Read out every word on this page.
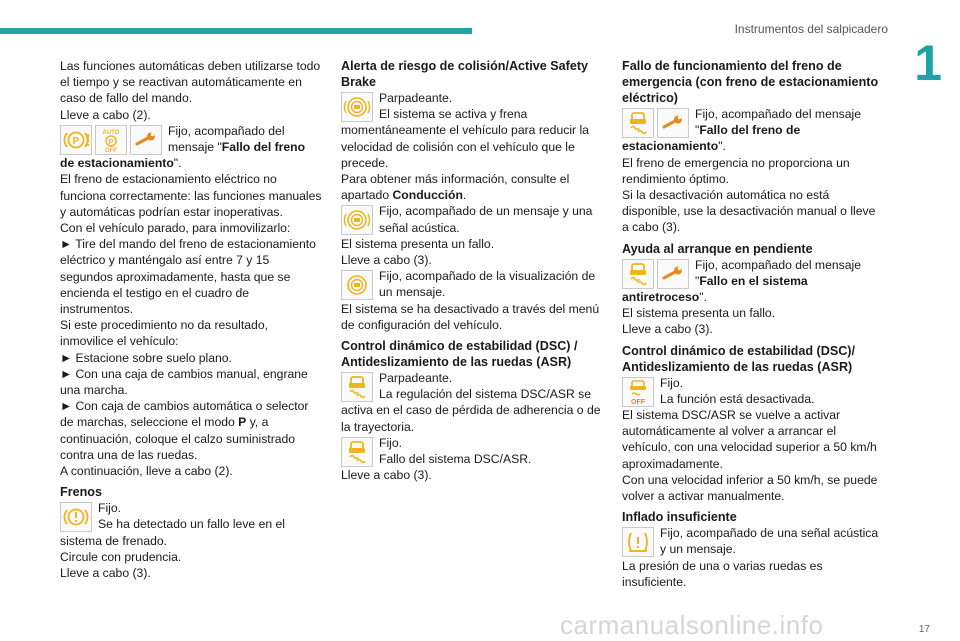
Instrumentos del salpicadero
1

Las funciones automáticas deben utilizarse todo el tiempo y se reactivan automáticamente en caso de fallo del mando.

Lleve a cabo (2).

P
AUTO
P
OFF

Fijo, acompañado del mensaje "Fallo del freno de estacionamiento".

El freno de estacionamiento eléctrico no funciona correctamente: las funciones manuales y automáticas podrían estar inoperativas.

Con el vehículo parado, para inmovilizarlo:

► Tire del mando del freno de estacionamiento eléctrico y manténgalo así entre 7 y 15 segundos aproximadamente, hasta que se encienda el testigo en el cuadro de instrumentos.

Si este procedimiento no da resultado, inmovilice el vehículo:

► Estacione sobre suelo plano.

► Con una caja de cambios manual, engrane una marcha.

► Con caja de cambios automática o selector de marchas, seleccione el modo P y, a continuación, coloque el calzo suministrado contra una de las ruedas.

A continuación, lleve a cabo (2).

Frenos

Fijo.

Se ha detectado un fallo leve en el sistema de frenado.

Circule con prudencia.

Lleve a cabo (3).

Alerta de riesgo de colisión/Active Safety Brake

Parpadeante.

El sistema se activa y frena momentáneamente el vehículo para reducir la velocidad de colisión con el vehículo que le precede.

Para obtener más información, consulte el apartado Conducción.

Fijo, acompañado de un mensaje y una señal acústica.

El sistema presenta un fallo.

Lleve a cabo (3).

Fijo, acompañado de la visualización de un mensaje.

El sistema se ha desactivado a través del menú de configuración del vehículo.

Control dinámico de estabilidad (DSC) / Antideslizamiento de las ruedas (ASR)

Parpadeante.

La regulación del sistema DSC/ASR se activa en el caso de pérdida de adherencia o de la trayectoria.

Fijo.

Fallo del sistema DSC/ASR.

Lleve a cabo (3).

Fallo de funcionamiento del freno de emergencia (con freno de estacionamiento eléctrico)

Fijo, acompañado del mensaje "Fallo del freno de estacionamiento".

El freno de emergencia no proporciona un rendimiento óptimo.

Si la desactivación automática no está disponible, use la desactivación manual o lleve a cabo (3).

Ayuda al arranque en pendiente

Fijo, acompañado del mensaje "Fallo en el sistema antiretroceso".

El sistema presenta un fallo.

Lleve a cabo (3).

Control dinámico de estabilidad (DSC)/ Antideslizamiento de las ruedas (ASR)
OFF

Fijo.

La función está desactivada.

El sistema DSC/ASR se vuelve a activar automáticamente al volver a arrancar el vehículo, con una velocidad superior a 50 km/h aproximadamente.

Con una velocidad inferior a 50 km/h, se puede volver a activar manualmente.

Inflado insuficiente

Fijo, acompañado de una señal acústica y un mensaje.

La presión de una o varias ruedas es insuficiente.

carmanualsonline.info	17
